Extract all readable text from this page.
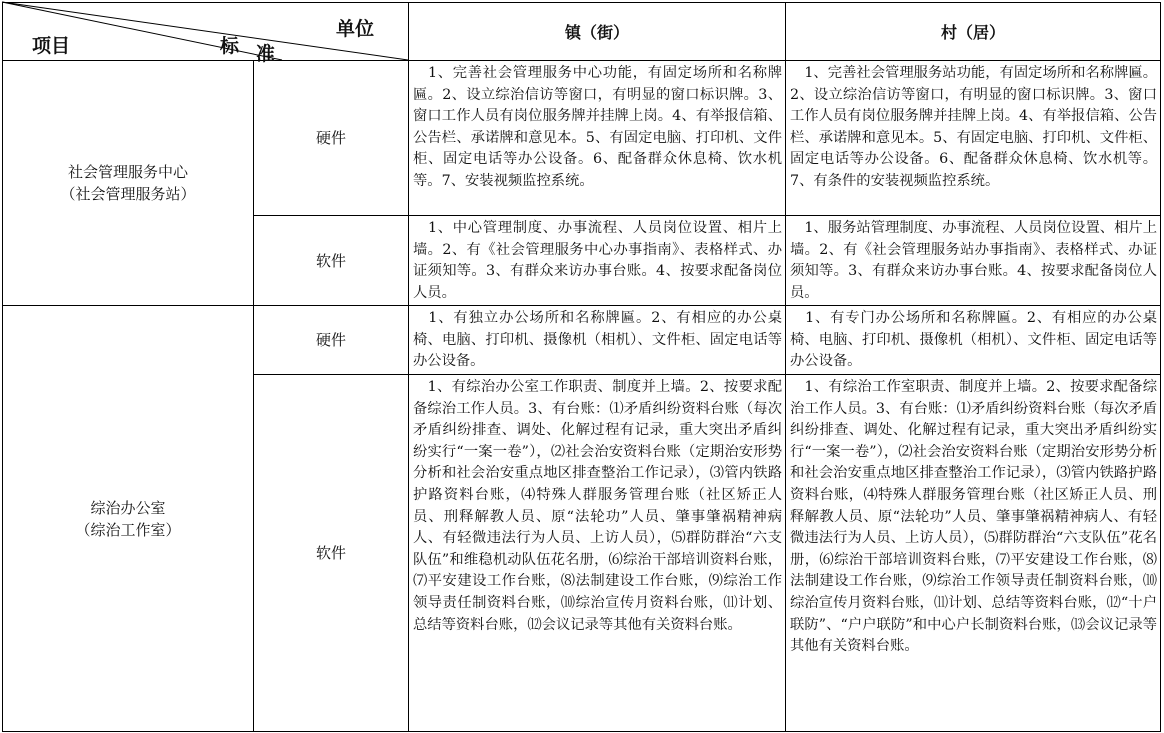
单位
标 准
项目
镇（街）	村（居）
社会管理服务中心
（社会管理服务站）
硬件
　1、完善社会管理服务中心功能，有固定场所和名称牌匾。2、设立综治信访等窗口，有明显的窗口标识牌。3、窗口工作人员有岗位服务牌并挂牌上岗。4、有举报信箱、公告栏、承诺牌和意见本。5、有固定电脑、打印机、文件柜、固定电话等办公设备。6、配备群众休息椅、饮水机等。7、安装视频监控系统。
　1、完善社会管理服务站功能，有固定场所和名称牌匾。2、设立综治信访等窗口，有明显的窗口标识牌。3、窗口工作人员有岗位服务牌并挂牌上岗。4、有举报信箱、公告栏、承诺牌和意见本。5、有固定电脑、打印机、文件柜、固定电话等办公设备。6、配备群众休息椅、饮水机等。7、有条件的安装视频监控系统。
软件
　1、中心管理制度、办事流程、人员岗位设置、相片上墙。2、有《社会管理服务中心办事指南》、表格样式、办证须知等。3、有群众来访办事台账。4、按要求配备岗位人员。
　1、服务站管理制度、办事流程、人员岗位设置、相片上墙。2、有《社会管理服务站办事指南》、表格样式、办证须知等。3、有群众来访办事台账。4、按要求配备岗位人员。
综治办公室
（综治工作室）
硬件
　1、有独立办公场所和名称牌匾。2、有相应的办公桌椅、电脑、打印机、摄像机（相机）、文件柜、固定电话等办公设备。
　1、有专门办公场所和名称牌匾。2、有相应的办公桌椅、电脑、打印机、摄像机（相机）、文件柜、固定电话等办公设备。
软件
　1、有综治办公室工作职责、制度并上墙。2、按要求配备综治工作人员。3、有台账：⑴矛盾纠纷资料台账（每次矛盾纠纷排查、调处、化解过程有记录，重大突出矛盾纠纷实行“一案一卷”），⑵社会治安资料台账（定期治安形势分析和社会治安重点地区排查整治工作记录），⑶管内铁路护路资料台账，⑷特殊人群服务管理台账（社区矫正人员、刑释解教人员、原“法轮功”人员、肇事肇祸精神病人、有轻微违法行为人员、上访人员），⑸群防群治“六支队伍”和维稳机动队伍花名册，⑹综治干部培训资料台账，⑺平安建设工作台账，⑻法制建设工作台账，⑼综治工作领导责任制资料台账，⑽综治宣传月资料台账，⑾计划、总结等资料台账，⑿会议记录等其他有关资料台账。
　1、有综治工作室职责、制度并上墙。2、按要求配备综治工作人员。3、有台账：⑴矛盾纠纷资料台账（每次矛盾纠纷排查、调处、化解过程有记录，重大突出矛盾纠纷实行“一案一卷”），⑵社会治安资料台账（定期治安形势分析和社会治安重点地区排查整治工作记录），⑶管内铁路护路资料台账，⑷特殊人群服务管理台账（社区矫正人员、刑释解教人员、原“法轮功”人员、肇事肇祸精神病人、有轻微违法行为人员、上访人员），⑸群防群治“六支队伍”花名册，⑹综治干部培训资料台账，⑺平安建设工作台账，⑻法制建设工作台账，⑼综治工作领导责任制资料台账，⑽综治宣传月资料台账，⑾计划、总结等资料台账，⑿“十户联防”、“户户联防”和中心户长制资料台账，⒀会议记录等其他有关资料台账。
